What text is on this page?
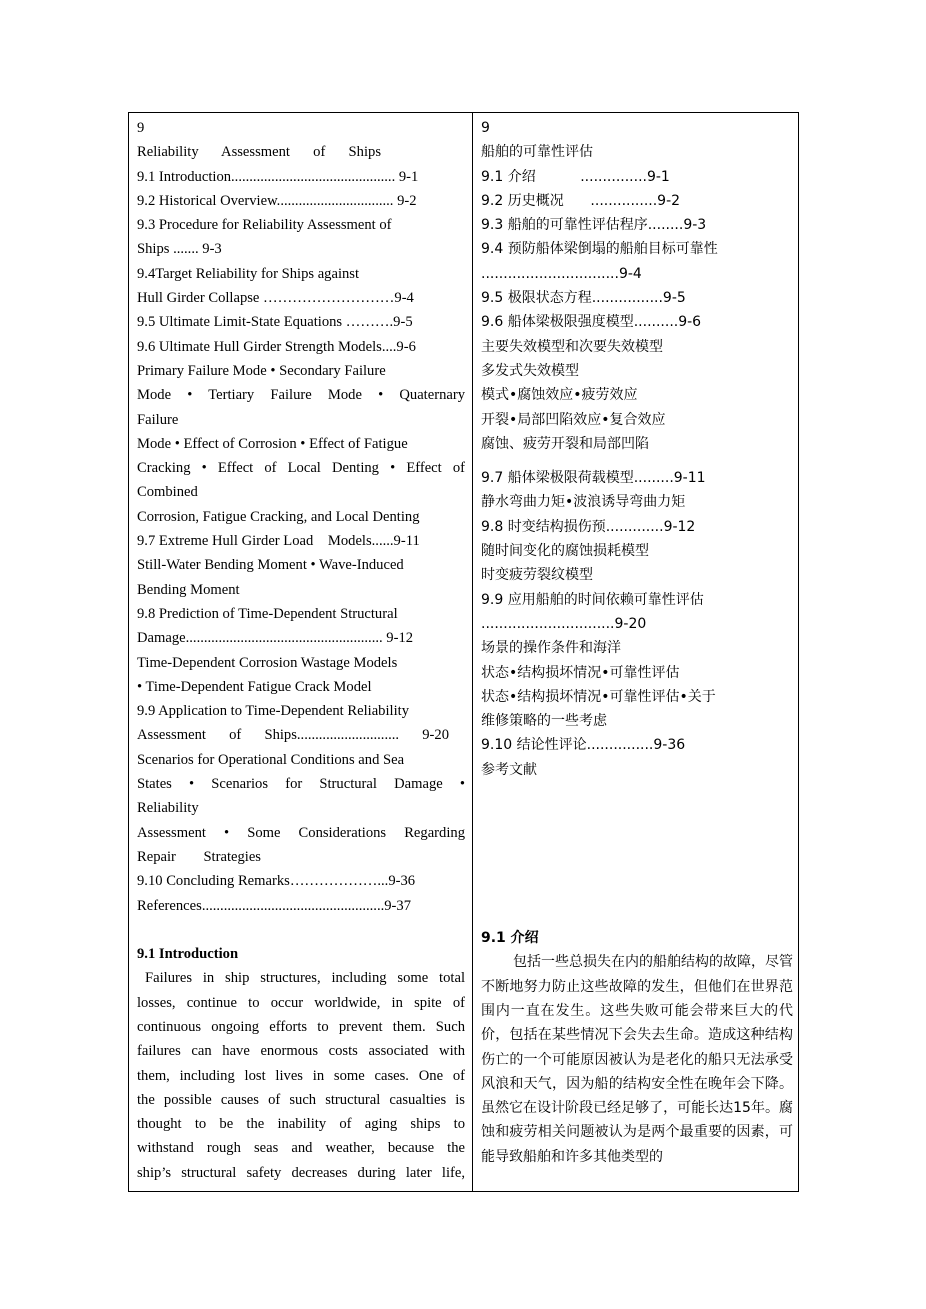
9
Reliability Assessment of Ships
9.1 Introduction............................................. 9-1
9.2 Historical Overview................................ 9-2
9.3 Procedure for Reliability Assessment of
Ships ....... 9-3
9.4Target Reliability for Ships against
Hull Girder Collapse ………………………9-4
9.5 Ultimate Limit-State Equations ……….9-5
9.6 Ultimate Hull Girder Strength Models....9-6
Primary Failure Mode • Secondary Failure
Mode • Tertiary Failure Mode • Quaternary
Failure
Mode • Effect of Corrosion • Effect of Fatigue
Cracking • Effect of Local Denting • Effect of
Combined
Corrosion, Fatigue Cracking, and Local Denting
9.7 Extreme Hull Girder Load    Models......9-11
Still-Water Bending Moment • Wave-Induced
Bending Moment
9.8 Prediction of Time-Dependent Structural
Damage...................................................... 9-12
Time-Dependent Corrosion Wastage Models
• Time-Dependent Fatigue Crack Model
9.9 Application to Time-Dependent Reliability
Assessment of Ships............................ 9-20
Scenarios for Operational Conditions and Sea
States • Scenarios for Structural Damage •
Reliability
Assessment • Some Considerations Regarding
Repair Strategies
9.10 Concluding Remarks………………...9-36
References..................................................9-37
9.1 Introduction
Failures in ship structures, including some total
losses, continue to occur worldwide, in spite of
continuous ongoing efforts to prevent them. Such
failures can have enormous costs associated with
them, including lost lives in some cases. One of
the possible causes of such structural casualties is
thought to be the inability of aging ships to
withstand rough seas and weather, because the
ship’s structural safety decreases during later life,
9
船舶的可靠性评估
9.1 介绍          ...............9-1
9.2 历史概况      ...............9-2
9.3 船舶的可靠性评估程序........9-3
9.4 预防船体梁倒塌的船舶目标可靠性
...............................9-4
9.5 极限状态方程................9-5
9.6 船体梁极限强度模型..........9-6
主要失效模型和次要失效模型
多发式失效模型
模式•腐蚀效应•疲劳效应
开裂•局部凹陷效应•复合效应
腐蚀、疲劳开裂和局部凹陷
9.7 船体梁极限荷载模型.........9-11
静水弯曲力矩•波浪诱导弯曲力矩
9.8 时变结构损伤预.............9-12
随时间变化的腐蚀损耗模型
时变疲劳裂纹模型
9.9 应用船舶的时间依赖可靠性评估
..............................9-20
场景的操作条件和海洋
状态•结构损坏情况•可靠性评估
状态•结构损坏情况•可靠性评估•关于
维修策略的一些考虑
9.10 结论性评论...............9-36
参考文献
9.1 介绍
包括一些总损失在内的船舶结构的故障，尽管不断地努力防止这些故障的发生，但他们在世界范围内一直在发生。这些失败可能会带来巨大的代价，包括在某些情况下会失去生命。造成这种结构伤亡的一个可能原因被认为是老化的船只无法承受风浪和天气，因为船的结构安全性在晚年会下降。虽然它在设计阶段已经足够了，可能长达15年。腐蚀和疲劳相关问题被认为是两个最重要的因素，可能导致船舶和许多其他类型的
